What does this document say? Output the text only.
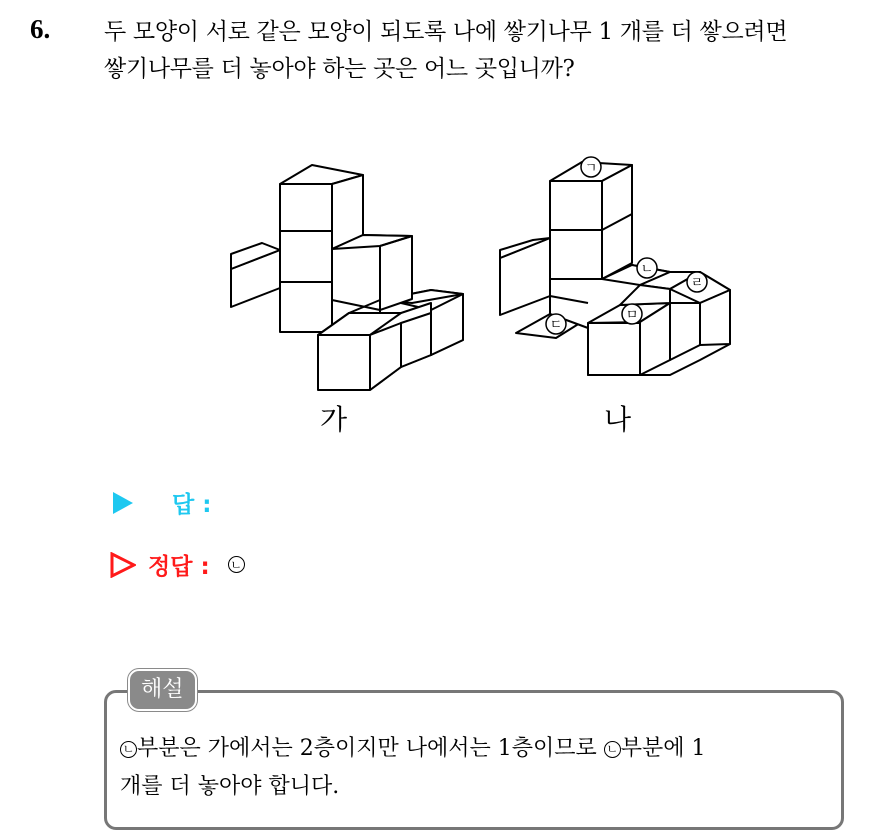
6. 두 모양이 서로 같은 모양이 되도록 나에 쌓기나무 1 개를 더 쌓으려면
쌓기나무를 더 놓아야 하는 곳은 어느 곳입니까?
ㄱ
ㄴ
ㄹ
ㄷ
ㅁ
가	나
답 :
정답 : ㄴ
해설
ㄴ 부분은 가에서는 2층이지만 나에서는 1층이므로 ㄴ 부분에 1
개를 더 놓아야 합니다.
